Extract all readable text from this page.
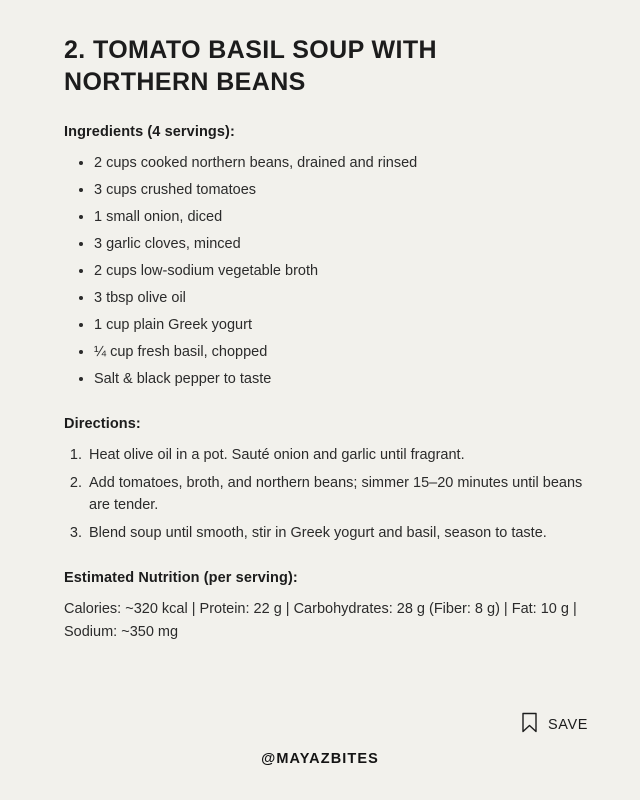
2. TOMATO BASIL SOUP WITH NORTHERN BEANS
Ingredients (4 servings):
• 2 cups cooked northern beans, drained and rinsed
• 3 cups crushed tomatoes
• 1 small onion, diced
• 3 garlic cloves, minced
• 2 cups low-sodium vegetable broth
• 3 tbsp olive oil
• 1 cup plain Greek yogurt
• ¼ cup fresh basil, chopped
• Salt & black pepper to taste
Directions:
1. Heat olive oil in a pot. Sauté onion and garlic until fragrant.
2. Add tomatoes, broth, and northern beans; simmer 15–20 minutes until beans are tender.
3. Blend soup until smooth, stir in Greek yogurt and basil, season to taste.
Estimated Nutrition (per serving):

Calories: ~320 kcal | Protein: 22 g | Carbohydrates: 28 g (Fiber: 8 g) | Fat: 10 g | Sodium: ~350 mg

SAVE
@MAYAZBITES
